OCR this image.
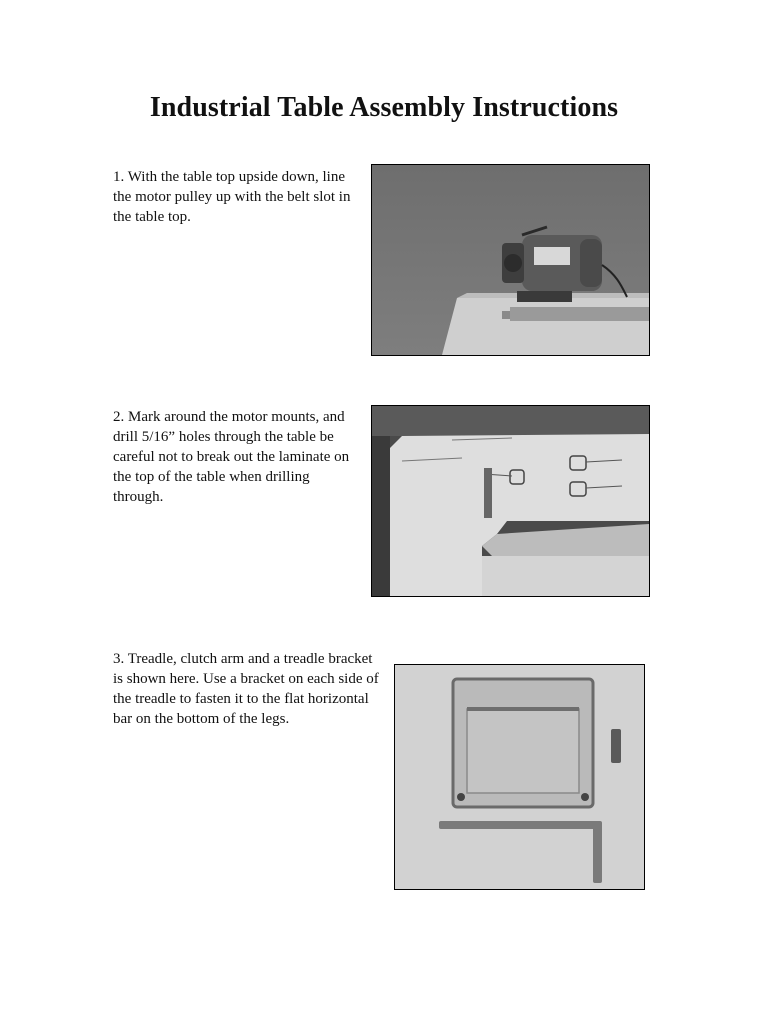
Industrial Table Assembly Instructions
1. With the table top upside down, line the motor pulley up with the belt slot in the table top.
2. Mark around the motor mounts, and drill 5/16” holes through the table be careful not to break out the laminate on the top of the table when drilling through.
3. Treadle, clutch arm and a treadle bracket is shown here. Use a bracket on each side of the treadle to fasten it to the flat horizontal bar on the bottom of the legs.
